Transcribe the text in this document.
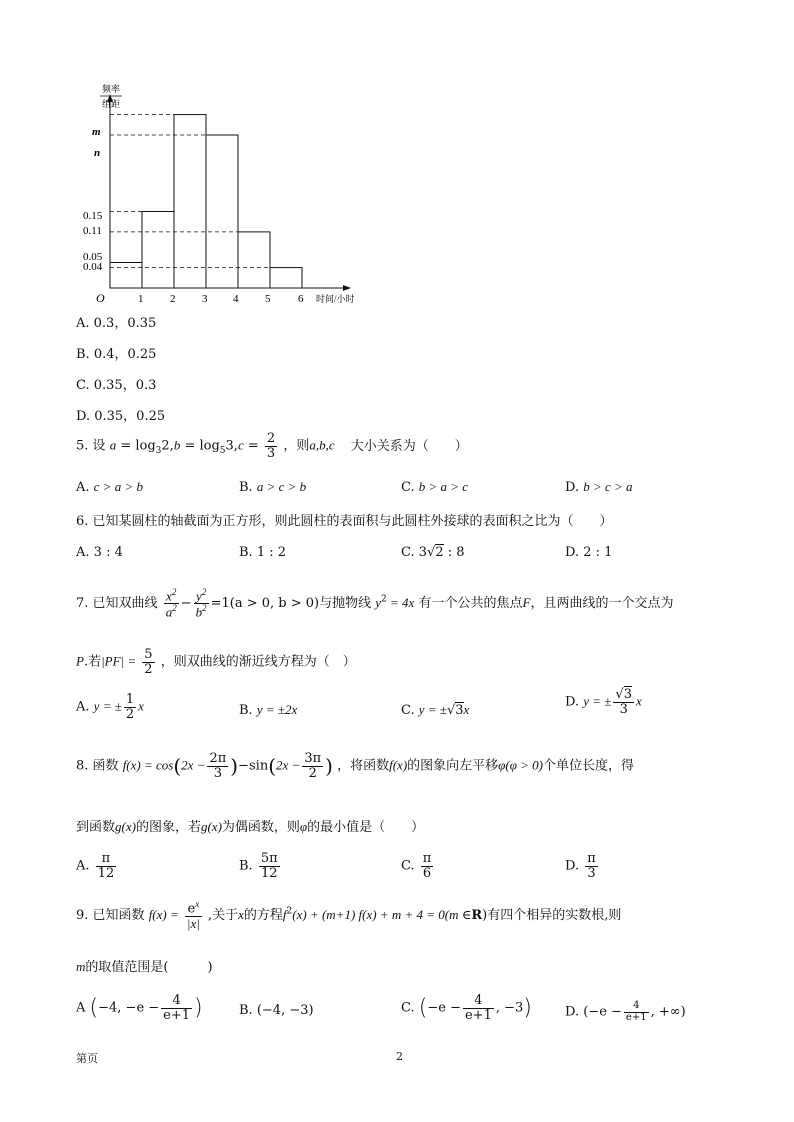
频率
组距
m
n
0.15
0.11
0.05
0.04
O	1 2 3 4 5	6 时间/小时
A. 0.3，0.35
B. 0.4，0.25
C. 0.35，0.3
D. 0.35，0.25
5. 设 $a = \log_32,b = \log_53,c = \frac{2}{3}$ ，则a,b,c 大小关系为（　　）
A. c > a > b	B. a > c > b	C. b > a > c	D. b > c > a
6. 已知某圆柱的轴截面为正方形，则此圆柱的表面积与此圆柱外接球的表面积之比为（　　）
A. 3 : 4	B. 1 : 2	C. 3√2 : 8	D. 2 : 1
7. 已知双曲线 $\frac{x^2}{a^2} - \frac{y^2}{b^2} =1(a > 0$, b > 0)与抛物线 $y^2 = 4x$ 有一个公共的焦点F，且两曲线的一个交点为
P.若$|PF| = \frac{5}{2}$ ，则双曲线的渐近线方程为（　）
A. y = ± $\frac{1}{2}$ x	B. y = ±2x	C. y = ±√3x	D. y = ± $\frac{√3}{3}$ x
8. 函数 $f(x) = \cos(2x - \frac{2\pi}{3} )-\sin(2x - \frac{3\pi}{2}$ ) ，将函数f(x)的图象向左平移φ(φ > 0)个单位长度，得
到函数g(x)的图象，若g(x)为偶函数，则φ的最小值是（　　）
A. $\frac{\pi}{12}$	B. $\frac{5\pi}{12}$	C. $\frac{\pi}{6}$	D. $\frac{\pi}{3}$
9. 已知函数 $f(x) = \frac{e^x}{|x|}$ ,关于x的方程$f^2(x) + (m+1) f(x) + m + 4 = 0(m$ ∈R)有四个相异的实数根,则
m的取值范围是(　　　)
A (−4, $-e - \frac{4}{e+1}$ )	B. (−4, −3)	C. ($-e - \frac{4}{e+1}$ , −3)	D. ($-e - \frac{4}{e+1}$ , +∞)
第页	2
